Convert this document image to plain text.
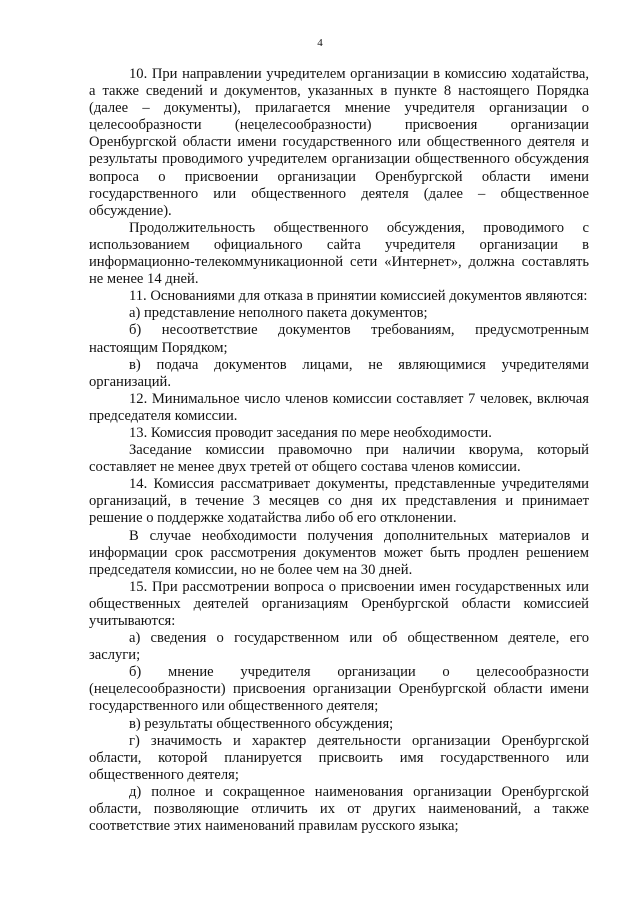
4

10. При направлении учредителем организации в комиссию ходатайства, а также сведений и документов, указанных в пункте 8 настоящего Порядка (далее – документы), прилагается мнение учредителя организации о целесообразности (нецелесообразности) присвоения организации Оренбургской области имени государственного или общественного деятеля и результаты проводимого учредителем организации общественного обсуждения вопроса о присвоении организации Оренбургской области имени государственного или общественного деятеля (далее – общественное обсуждение).

Продолжительность общественного обсуждения, проводимого с использованием официального сайта учредителя организации в информационно-телекоммуникационной сети «Интернет», должна составлять не менее 14 дней.

11. Основаниями для отказа в принятии комиссией документов являются:

а) представление неполного пакета документов;

б) несоответствие документов требованиям, предусмотренным настоящим Порядком;

в) подача документов лицами, не являющимися учредителями организаций.

12. Минимальное число членов комиссии составляет 7 человек, включая председателя комиссии.

13. Комиссия проводит заседания по мере необходимости.

Заседание комиссии правомочно при наличии кворума, который составляет не менее двух третей от общего состава членов комиссии.

14. Комиссия рассматривает документы, представленные учредителями организаций, в течение 3 месяцев со дня их представления и принимает решение о поддержке ходатайства либо об его отклонении.

В случае необходимости получения дополнительных материалов и информации срок рассмотрения документов может быть продлен решением председателя комиссии, но не более чем на 30 дней.

15. При рассмотрении вопроса о присвоении имен государственных или общественных деятелей организациям Оренбургской области комиссией учитываются:

а) сведения о государственном или об общественном деятеле, его заслуги;

б) мнение учредителя организации о целесообразности (нецелесообразности) присвоения организации Оренбургской области имени государственного или общественного деятеля;

в) результаты общественного обсуждения;

г) значимость и характер деятельности организации Оренбургской области, которой планируется присвоить имя государственного или общественного деятеля;

д) полное и сокращенное наименования организации Оренбургской области, позволяющие отличить их от других наименований, а также соответствие этих наименований правилам русского языка;
